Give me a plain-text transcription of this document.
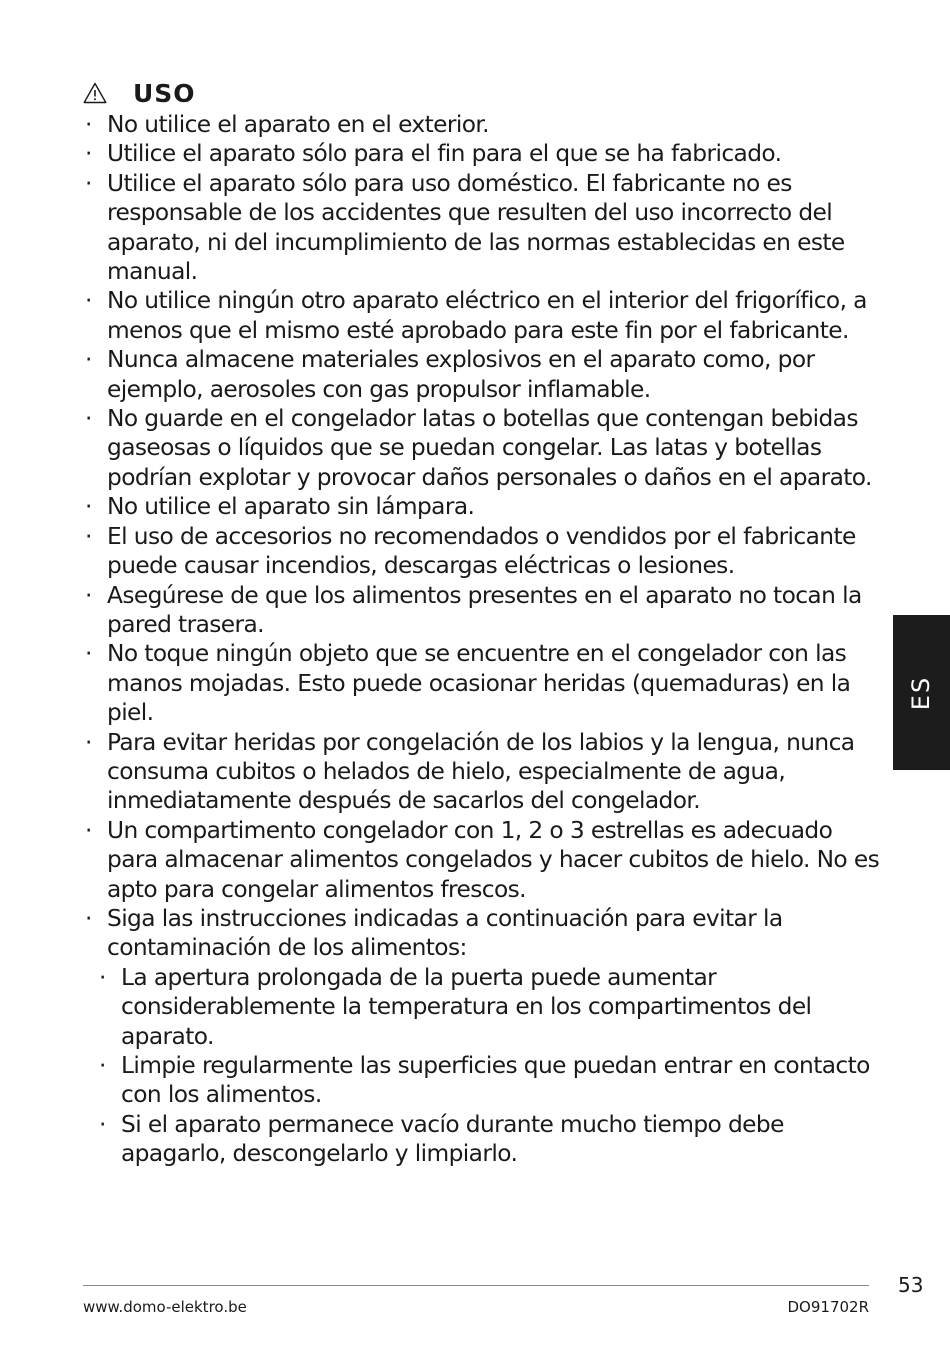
USO
·
No utilice el aparato en el exterior.
·
Utilice el aparato sólo para el fin para el que se ha fabricado.
·
Utilice el aparato sólo para uso doméstico. El fabricante no es responsable de los accidentes que resulten del uso incorrecto del aparato, ni del incumplimiento de las normas establecidas en este manual.
·
No utilice ningún otro aparato eléctrico en el interior del frigorífico, a menos que el mismo esté aprobado para este fin por el fabricante.
·
Nunca almacene materiales explosivos en el aparato como, por ejemplo, aerosoles con gas propulsor inflamable.
·
No guarde en el congelador latas o botellas que contengan bebidas gaseosas o líquidos que se puedan congelar. Las latas y botellas podrían explotar y provocar daños personales o daños en el aparato.
·
No utilice el aparato sin lámpara.
·
El uso de accesorios no recomendados o vendidos por el fabricante puede causar incendios, descargas eléctricas o lesiones.
·
Asegúrese de que los alimentos presentes en el aparato no tocan la pared trasera.
·
No toque ningún objeto que se encuentre en el congelador con las manos mojadas. Esto puede ocasionar heridas (quemaduras) en la piel.
·
Para evitar heridas por congelación de los labios y la lengua, nunca consuma cubitos o helados de hielo, especialmente de agua, inmediatamente después de sacarlos del congelador.
·
Un compartimento congelador con 1, 2 o 3 estrellas es adecuado para almacenar alimentos congelados y hacer cubitos de hielo. No es apto para congelar alimentos frescos.
·
Siga las instrucciones indicadas a continuación para evitar la contaminación de los alimentos:
·
La apertura prolongada de la puerta puede aumentar considerablemente la temperatura en los compartimentos del aparato.
·
Limpie regularmente las superficies que puedan entrar en contacto con los alimentos.
·
Si el aparato permanece vacío durante mucho tiempo debe apagarlo, descongelarlo y limpiarlo.
ES
53
www.domo-elektro.be	DO91702R
